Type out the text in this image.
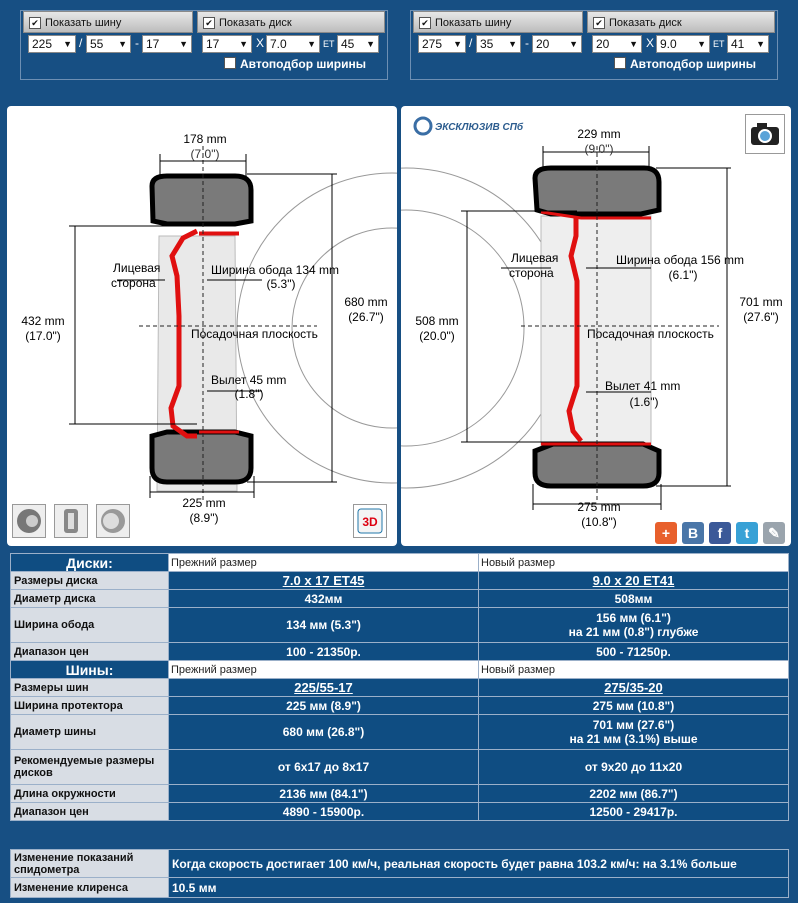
✔ Показать шину	✔ Показать диск
225 ▼ / 55 ▼ - 17 ▼	17 ▼ X 7.0 ▼ ET 45 ▼
Автоподбор ширины
✔ Показать шину	✔ Показать диск
275 ▼ / 35 ▼ - 20 ▼	20 ▼ X 9.0 ▼ ET 41 ▼
Автоподбор ширины
178 mm
(7.0")
432 mm
(17.0")
680 mm
(26.7")
Ширина обода 134 mm
(5.3")
Лицевая
сторона
Посадочная плоскость
Вылет 45 mm
(1.8")
225 mm
(8.9")	3D
ЭКСКЛЮЗИВ СПб	229 mm
(9.0")
508 mm
(20.0")
701 mm
(27.6")
Ширина обода 156 mm
(6.1")
Лицевая
сторона
Посадочная плоскость
Вылет 41 mm
(1.6")
275 mm
(10.8")
+	B	f	t	✎
Диски:	Прежний размер	Новый размер
Размеры диска	7.0 x 17 ET45	9.0 x 20 ET41
Диаметр диска	432мм	508мм
Ширина обода	134 мм (5.3")	156 мм (6.1")
на 21 мм (0.8") глубже

Диапазон цен	100 - 21350р.	500 - 71250р.
Шины:	Прежний размер	Новый размер
Размеры шин	225/55-17	275/35-20
Ширина протектора	225 мм (8.9")	275 мм (10.8")
Диаметр шины	680 мм (26.8")	701 мм (27.6")
на 21 мм (3.1%) выше

Рекомендуемые размеры дисков	от 6x17 до 8x17	от 9x20 до 11x20
Длина окружности	2136 мм (84.1")	2202 мм (86.7")
Диапазон цен	4890 - 15900р.	12500 - 29417р.
Изменение показаний спидометра	Когда скорость достигает 100 км/ч, реальная скорость будет равна 103.2 км/ч: на 3.1% больше
Изменение клиренса	10.5 мм
